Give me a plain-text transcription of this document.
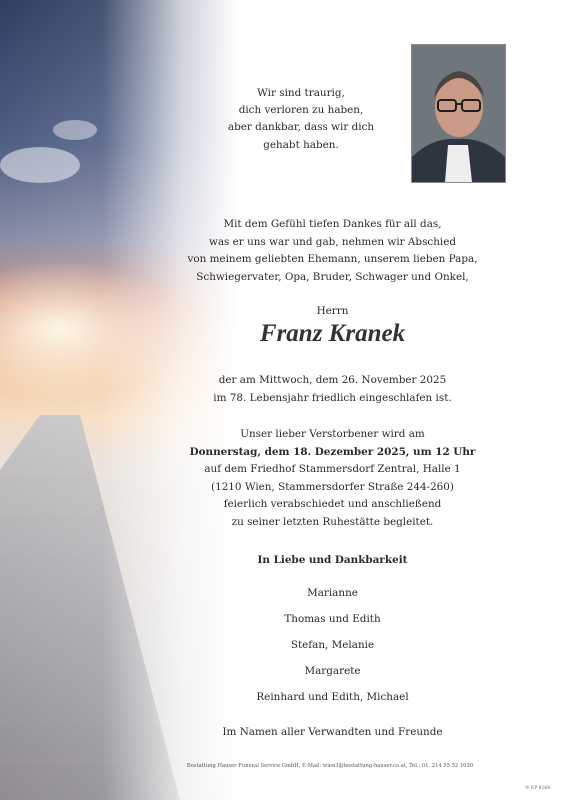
Wir sind traurig,
dich verloren zu haben,
aber dankbar, dass wir dich
gehabt haben.
Mit dem Gefühl tiefen Dankes für all das,
was er uns war und gab, nehmen wir Abschied
von meinem geliebten Ehemann, unserem lieben Papa,
Schwiegervater, Opa, Bruder, Schwager und Onkel,
Herrn
Franz Kranek
der am Mittwoch, dem 26. November 2025
im 78. Lebensjahr friedlich eingeschlafen ist.
Unser lieber Verstorbener wird am
Donnerstag, dem 18. Dezember 2025, um 12 Uhr
auf dem Friedhof Stammersdorf Zentral, Halle 1
(1210 Wien, Stammersdorfer Straße 244-260)
feierlich verabschiedet und anschließend
zu seiner letzten Ruhestätte begleitet.
In Liebe und Dankbarkeit
Marianne
Thomas und Edith
Stefan, Melanie
Margarete
Reinhard und Edith, Michael
Im Namen aller Verwandten und Freunde
Bestattung Hauser Funeral Service GmbH, E-Mail: wien3@bestattung-hauser.co.at, Tel.: 01. 214 55 52 1030
© EP 8164
